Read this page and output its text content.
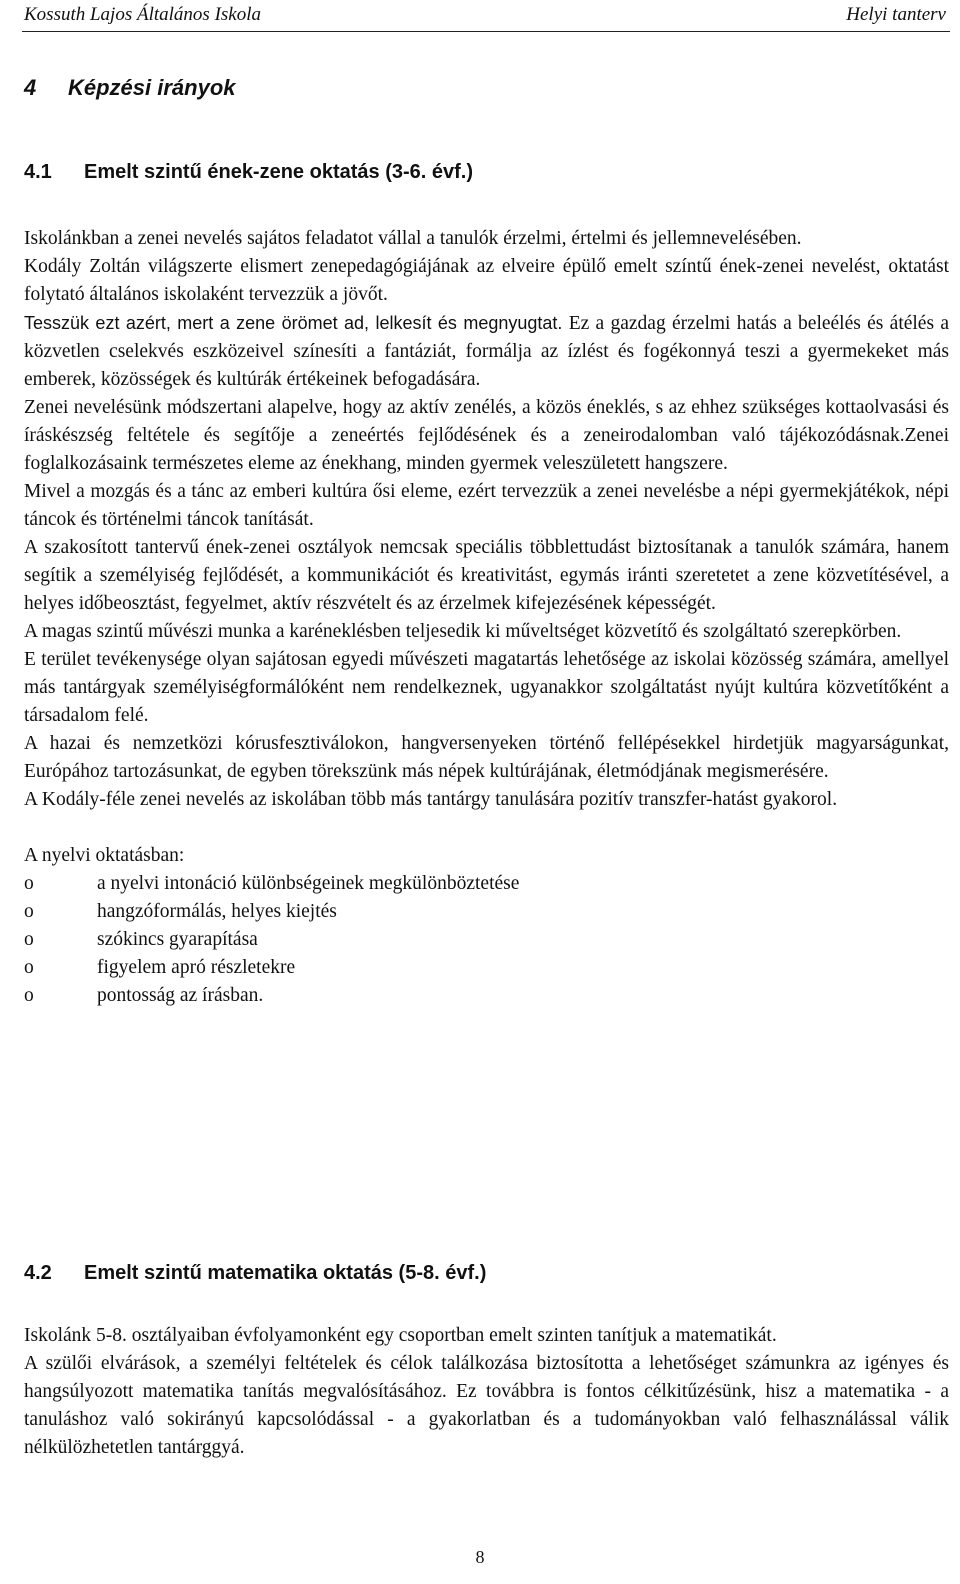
Kossuth Lajos Általános Iskola	Helyi tanterv
4 Képzési irányok
4.1 Emelt szintű ének-zene oktatás (3-6. évf.)

Iskolánkban a zenei nevelés sajátos feladatot vállal a tanulók érzelmi, értelmi és jellemnevelésében.

Kodály Zoltán világszerte elismert zenepedagógiájának az elveire épülő emelt színtű ének-zenei nevelést, oktatást folytató általános iskolaként tervezzük a jövőt.

Tesszük ezt azért, mert a zene örömet ad, lelkesít és megnyugtat. Ez a gazdag érzelmi hatás a beleélés és átélés a közvetlen cselekvés eszközeivel színesíti a fantáziát, formálja az ízlést és fogékonnyá teszi a gyermekeket más emberek, közösségek és kultúrák értékeinek befogadására.

Zenei nevelésünk módszertani alapelve, hogy az aktív zenélés, a közös éneklés, s az ehhez szükséges kottaolvasási és íráskészség feltétele és segítője a zeneértés fejlődésének és a zeneirodalomban való tájékozódásnak.Zenei foglalkozásaink természetes eleme az énekhang, minden gyermek veleszületett hangszere.

Mivel a mozgás és a tánc az emberi kultúra ősi eleme, ezért tervezzük a zenei nevelésbe a népi gyermekjátékok, népi táncok és történelmi táncok tanítását.

A szakosított tantervű ének-zenei osztályok nemcsak speciális többlettudást biztosítanak a tanulók számára, hanem segítik a személyiség fejlődését, a kommunikációt és kreativitást, egymás iránti szeretetet a zene közvetítésével, a helyes időbeosztást, fegyelmet, aktív részvételt és az érzelmek kifejezésének képességét.

A magas szintű művészi munka a karéneklésben teljesedik ki műveltséget közvetítő és szolgáltató szerepkörben.

E terület tevékenysége olyan sajátosan egyedi művészeti magatartás lehetősége az iskolai közösség számára, amellyel más tantárgyak személyiségformálóként nem rendelkeznek, ugyanakkor szolgáltatást nyújt kultúra közvetítőként a társadalom felé.

A hazai és nemzetközi kórusfesztiválokon, hangversenyeken történő fellépésekkel hirdetjük magyarságunkat, Európához tartozásunkat, de egyben törekszünk más népek kultúrájának, életmódjának megismerésére.

A Kodály-féle zenei nevelés az iskolában több más tantárgy tanulására pozitív transzfer-hatást gyakorol.

A nyelvi oktatásban:

o	a nyelvi intonáció különbségeinek megkülönböztetése
o	hangzóformálás, helyes kiejtés
o	szókincs gyarapítása
o	figyelem apró részletekre
o	pontosság az írásban.
4.2 Emelt szintű matematika oktatás (5-8. évf.)

Iskolánk 5-8. osztályaiban évfolyamonként egy csoportban emelt szinten tanítjuk a matematikát.

A szülői elvárások, a személyi feltételek és célok találkozása biztosította a lehetőséget számunkra az igényes és hangsúlyozott matematika tanítás megvalósításához. Ez továbbra is fontos célkitűzésünk, hisz a matematika - a tanuláshoz való sokirányú kapcsolódással - a gyakorlatban és a tudományokban való felhasználással válik nélkülözhetetlen tantárggyá.

8
